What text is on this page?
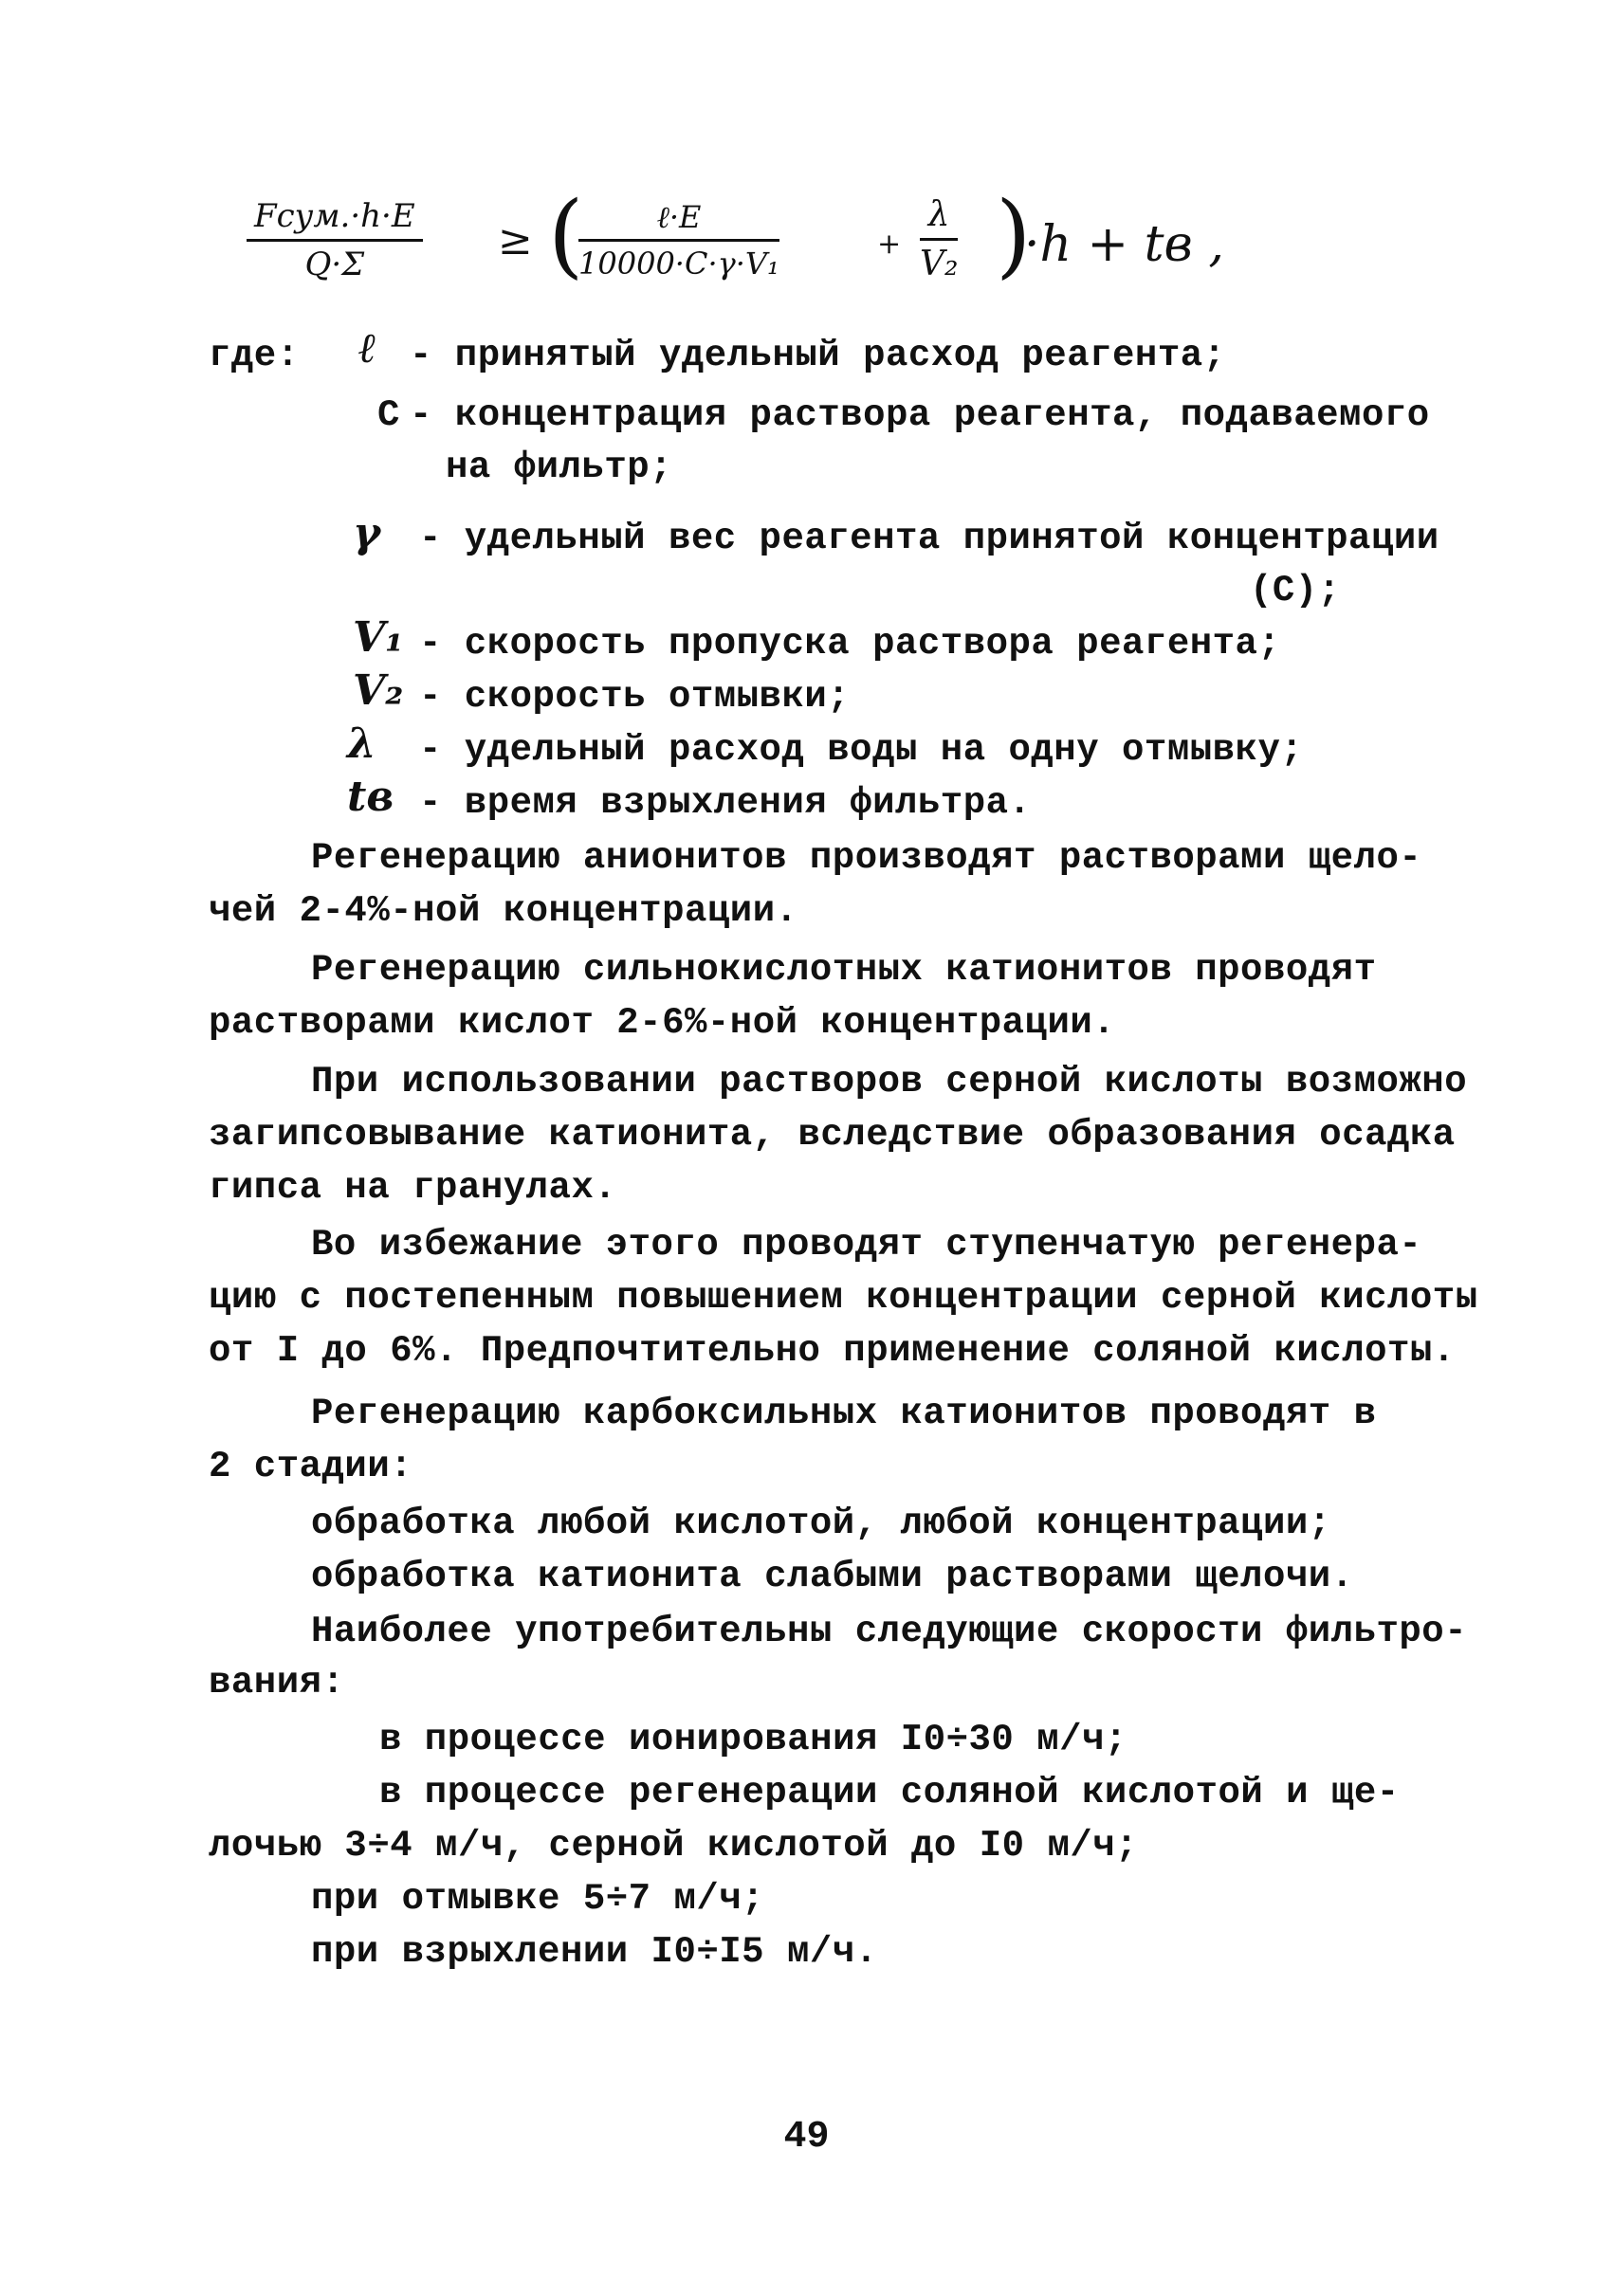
Fсум.·h·E
Q·Σ	≥ (	ℓ·E
10000·C·γ·V₁
+ $\frac{\lambda}{\text{V₂}}$ )
·h + tв ,
где: ℓ - принятый удельный расход реагента;
C - концентрация раствора реагента, подаваемого
на фильтр;
γ - удельный вес реагента принятой концентрации
(C);
V₁ - скорость пропуска раствора реагента;
V₂ - скорость отмывки;
λ - удельный расход воды на одну отмывку;
tв - время взрыхления фильтра.
Регенерацию анионитов производят растворами щело-
чей 2-4%-ной концентрации.
Регенерацию сильнокислотных катионитов проводят
растворами кислот 2-6%-ной концентрации.
При использовании растворов серной кислоты возможно
загипсовывание катионита, вследствие образования осадка
гипса на гранулах.
Во избежание этого проводят ступенчатую регенера-
цию с постепенным повышением концентрации серной кислоты
от I до 6%. Предпочтительно применение соляной кислоты.
Регенерацию карбоксильных катионитов проводят в
2 стадии:
обработка любой кислотой, любой концентрации;
обработка катионита слабыми растворами щелочи.
Наиболее употребительны следующие скорости фильтро-
вания:
в процессе ионирования I0÷30 м/ч;
в процессе регенерации соляной кислотой и ще-
лочью 3÷4 м/ч, серной кислотой до I0 м/ч;
при отмывке 5÷7 м/ч;
при взрыхлении I0÷I5 м/ч.
49
